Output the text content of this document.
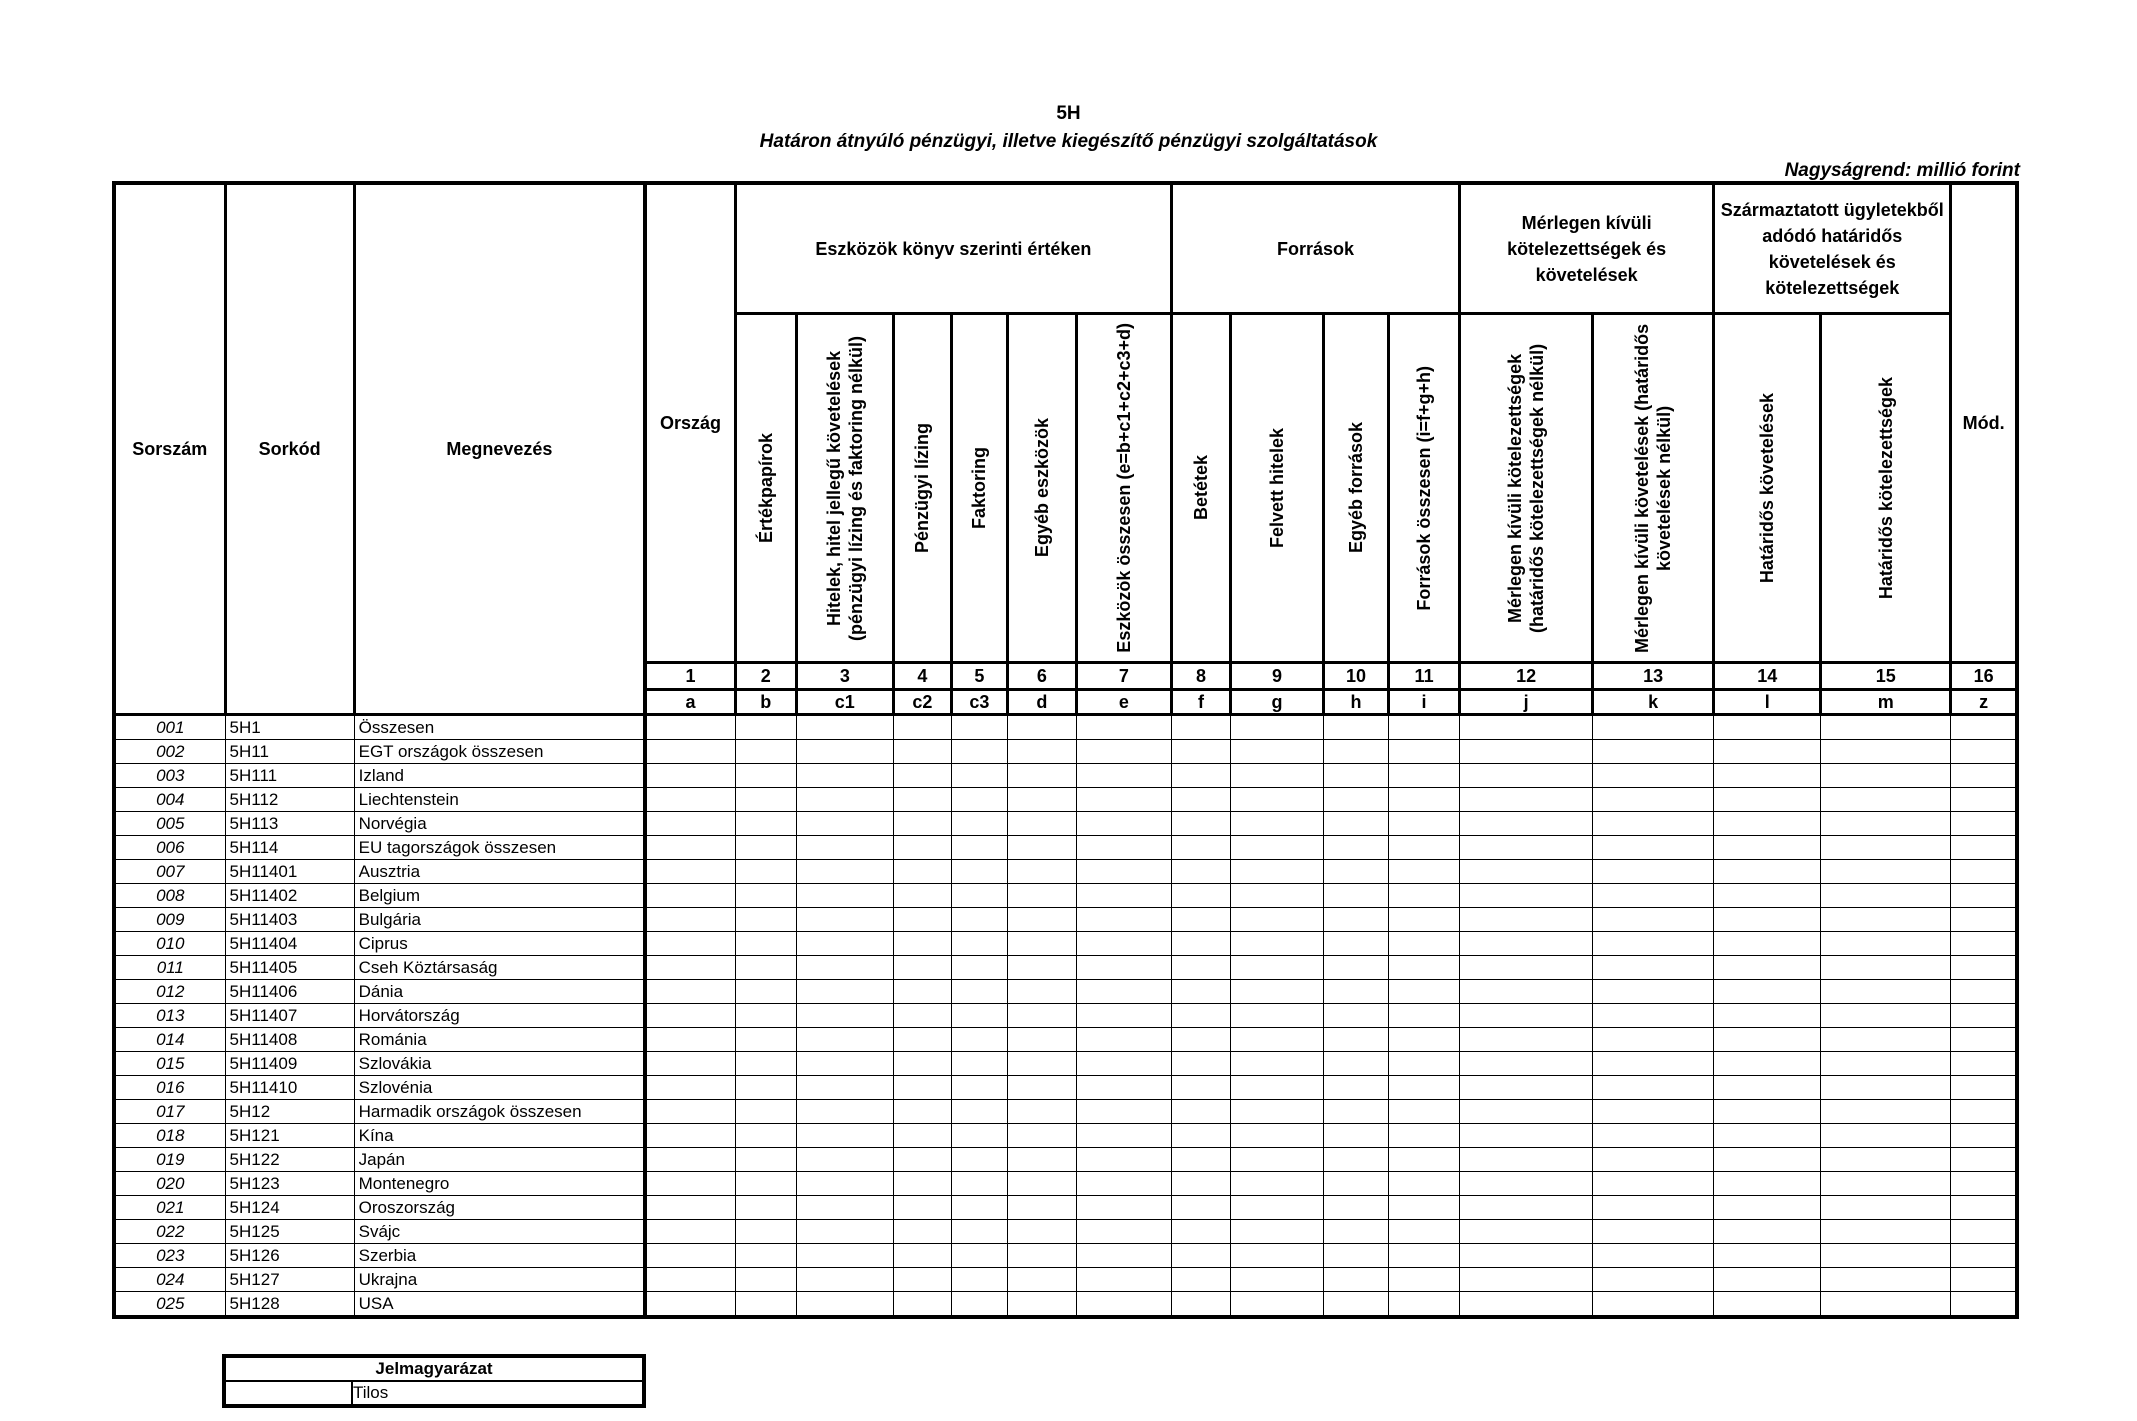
5H
Határon átnyúló pénzügyi, illetve kiegészítő pénzügyi szolgáltatások
Nagyságrend: millió forint
Sorszám	Sorkód	Megnevezés	Ország	Eszközök könyv szerinti értéken						Források				Mérlegen kívüli kötelezettségek és követelések		Származtatott ügyletekből adódó határidős követelések és kötelezettségek		Mód.

				Értékpapírok	Hitelek, hitel jellegű követelések (pénzügyi lízing és faktoring nélkül)	Pénzügyi lízing	Faktoring	Egyéb eszközök	Eszközök összesen (e=b+c1+c2+c3+d)	Betétek	Felvett hitelek	Egyéb források	Források összesen (i=f+g+h)	Mérlegen kívüli kötelezettségek (határidős kötelezettségek nélkül)	Mérlegen kívüli követelések (határidős követelések nélkül)	Határidős követelések	Határidős kötelezettségek	

			1	2	3	4	5	6	7	8	9	10	11	12	13	14	15	16
			a	b	c1	c2	c3	d	e	f	g	h	i	j	k	l	m	z
001	5H1	Összesen																
002	5H11	EGT országok összesen																
003	5H111	Izland																
004	5H112	Liechtenstein																
005	5H113	Norvégia																
006	5H114	EU tagországok összesen																
007	5H11401	Ausztria																
008	5H11402	Belgium																
009	5H11403	Bulgária																
010	5H11404	Ciprus																
011	5H11405	Cseh Köztársaság																
012	5H11406	Dánia																
013	5H11407	Horvátország																
014	5H11408	Románia																
015	5H11409	Szlovákia																
016	5H11410	Szlovénia																
017	5H12	Harmadik országok összesen																
018	5H121	Kína																
019	5H122	Japán																
020	5H123	Montenegro																
021	5H124	Oroszország																
022	5H125	Svájc																
023	5H126	Szerbia																
024	5H127	Ukrajna																
025	5H128	USA																
Jelmagyarázat
	Tilos
